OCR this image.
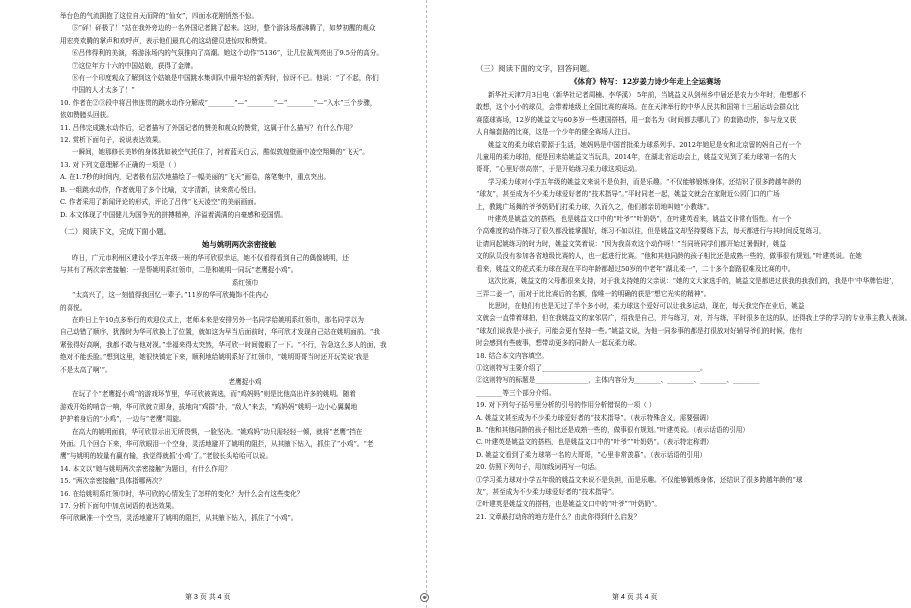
举台色的气流拥抱了这位自天而降的“仙女”，四面水花刚悄然不惊。
⑤“砰！砰极了！”站在我外旁边的一名外国记者跳了起来。这时，整个游泳场都沸腾了，如梦初醒的观众
用宏亮欢腾的掌声和欢呼声，表示他们最真心的这动健员进惊叹和赞赏。
⑥吕伟得利的美演，将游泳场内的气氛推向了高潮。她这个动作“5136”，让几位裁判亮出了9.5分的高分。
⑦这位年方十六的中国姑娘，获得了金牌。
⑧有一个印度观众了解到这个姑娘是中国跳水集训队中最年轻的新秀时，惊讶不已。他说：“了不起，你们
中国的人才太多了！”
10. 作者在②③段中将吕伟连贯的跳水动作分解成“________”—“________”—“________”—“入水”三个步骤，
依如赞臆头回获。
11. 吕伟完成跳水动作后，记者描写了外国记者的赞美和观众的赞赏，这属于什么描写？有什么作用？
12. 赏析下面句子，说说表达效果。
一瞬间，她那修长美妙的身体犹如被空气托住了，衬着蓝天白云，酷似敦煌壁画中凌空翔舞的“飞天”。
13. 对下列文意理解不正确的一项是（ ）
A. 在1.7秒的时间内，记者极有层次地描绘了一幅美丽的“飞天”画卷，落笔集中，重点突出。
B. 一组跳水动作，作者就用了多个比喻，文字清新，读来赏心悦目。
C. 作者采用了新闻评论的形式，评论了吕伟“飞天凌空”的美丽画面。
D. 本文体现了中国健儿为国争光的拼搏精神，洋溢着满满的自豪感和爱国情。
（二）阅读下文，完成下面小题。
她与姚明两次亲密接触
昨日，广元市利州区建设小学五年级一班的华可欣很幸运，她不仅看得看到自己的偶像姚明，还
与其有了两次亲密接触：一是帮姚明系红领巾，二是和姚明一同玩“老鹰捉小鸡”。
系红领巾
“太高兴了，这一刻值得我回忆一辈子。”11岁的华可欣掩饰不住内心
的喜悦。
在昨日上午10点多举行的欢迎仪式上，老师本来是安排另外一名同学给姚明系红领巾，那名同学以为
自己动错了顺序，犹豫时为华可欣换上了位置，就如这为早当后面前时，华可欣才发现自己站在姚明面前。“我
紧张得好高啊，我都不敢与他对视。”幸福来得太突然，华可欣一时间傻眼了一下。“不行，告急这么多人的面，我
绝对不能丢脸。”想到这里，她很快镇定下来，顺利地给姚明系好了红领巾，“姚明哥哥当时还开玩笑说‘我是
不是太高了啊’”。
老鹰捉小鸡
在玩了个“老鹰捉小鸡”的游戏环节里，华可欣被赛选，而“鸡妈妈”则是比他高出许多的姚明。随着
游戏开始的哨音一响，华可欣就立即身，拔地向“鸡群”扑，“敌人”来去，“鸡妈妈”姚明一边小心翼翼地
护护着身后的“小鸡”，一边与“老鹰”周旋。
在高大的姚明面前，华可欣显示出无所畏惧，一脸坚决。“姚鸡妈”功只需轻轻一倾，就将“老鹰”挡在
外面。几个回合下来，华可欣眼泪一个空身，灵活地避开了姚明的阻拦，从其腋下钻入，抓住了“小鸡”。“老
鹰”与姚明的较量有赢有输，我觉得就抓‘小鸡’了。”老胶长头哈哈可以说。
14. 本文以“她与姚明两次亲密接触”为题目，有什么作用？
15. “两次亲密接触”具体指哪两次？
16. 在给姚明系红领巾时，华可欣的心情发生了怎样的变化？为什么会有这些变化？
17. 分析下面句中加点词语的表达效果。
华可欣瞅准一个空当，灵活地避开了姚明的阻拦，从其腋下钻入，抓住了“小鸡”。
（三）阅读下面的文字，回答问题。
《体育》特写：12岁姜力诗少年走上全运赛场
新华社天津7月3日电（新华社记者周楠、李华溪） 5年前，当姚益义从剑州乡中届还是农力少年时，他想都不
敢想，这个小小的球员，会带着地级上全国比赛的赛场。在在天津举行的中华人民共和国第十三届运动会群众比
赛篮球赛场，12岁的姚益文与60多岁一些建国搭档，用一套名为《时间都去哪儿了》的套路动作，参与龙又获
人自编套路的比赛，这是一个少年的健全赛场人注目。
姚益文的柔力球启蒙源于生活，她妈妈是中国首批柔力球系列手。2012年她尼是女和北京留的妈自己有一个
儿童用的柔力球拍，便是回来给姚益文当玩具，2014年，在湖北省运动会上，姚益文见到了柔力球第一名的大
哥哥，“心里好崇高崇”，于是开始练习柔力球这项运动。
学习柔力球对小学五年级的姚益文来说不是负担，而是乐趣。“不仅能够锻炼身体，还结识了很多跨越年龄的
“球友”，甚至成为不少柔力球爱好者的“技术指导”。”平时同老一起，姚益文就会在家附近公园门口的广场
上，教跳广场舞的爷爷奶奶们打柔力球，久而久之，他们都亲切地叫她“小教练”。
叶建英是姚益文的搭档，也是姚益文口中的“叶爷”“叶奶奶”，在叶建英看来，姚益文非常有悟性。有一个
个高难度的动作练习了很久都没能掌握好，练习不如以往，但是姚益文却坚持要练下去，每天都进行与其时间反复练习，
让请问起姚练习的时力时，姚益文笑着说：“因为我喜欢这个动作呀！”当同班同学们都开始过暑假时，姚益
文的队员没有参加各省地级比赛的人，也一起进行比赛。“他和其他同龄的孩子相比还是成熟一些的，做事很有规划。”叶建英说。在她
看来，姚益文的花式柔力球在现在平均年龄都超过50岁的中老年“湖北柔一”，二十多个套路很难及比赛的中。
这次比赛，姚益文的父母都很来支持，对于我支持她的父亲说：“她的文大家选手的，姚益文是都进过获我的我我们的，我是中‘中华牌怡进’，
三弄二姜一”，而对于比比赛后的名额，像唯一的明确的获是“想它光实的精神”。
比思时，在他们有也是无过了半个多小时，柔力球这个爱好可以让我多运动，现在，每天我完作在业后，姚益
文就会一直带着球拍，但在我姚益文的家邻居广，绍我是自己，并与练习，对，并与练，平时很多在这的队，还得我上学的学习的专业事主教人表演。
“球友们说我是小孩子，可能会更有坚持一些。”姚益文说，为他一同参事的都是打很放对好辅导爷们的时候，他有
时会感到有些疲事，想带动更多的同龄人一起玩柔力球。
18. 结合本文内容填空。
①这则特写主要介绍了________________________________________________。
②这则特写的标题是________________，主体内容分为________、________、________、________
________等三个部分介绍。
19. 对下列句子括号里分析的引号的作用分析错误的一项（ ）
A. 姚益文甚至成为不少柔力球爱好者的“技术指导”。（表示特殊含义，需要强调）
B. “他和其他同龄的孩子相比还是成熟一些的，做事很有规划。”叶建英说。（表示话语的引用）
C. 叶建英是姚益文的搭档，也是姚益文口中的“叶爷”“叶奶奶”。（表示特定称谓）
D. 姚益文看到了柔力球第一名的大哥哥，“心里非常羡慕”。（表示话语的引用）
20. 仿照下列句子，用加线词再写一句话。
①学习柔力球对小学五年级的姚益文来说不是负担，而是乐趣。不仅能够锻炼身体，还结识了很多跨越年龄的“球
友”，甚至成为不少柔力球爱好者的“技术指导”。
②叶建英是姚益文的搭档，也是姚益文口中的“叶爷”“叶奶奶”。
21. 文章最打动你的地方是什么？由此你得到什么启发？
第 3 页 共 4 页	第 4 页 共 4 页
